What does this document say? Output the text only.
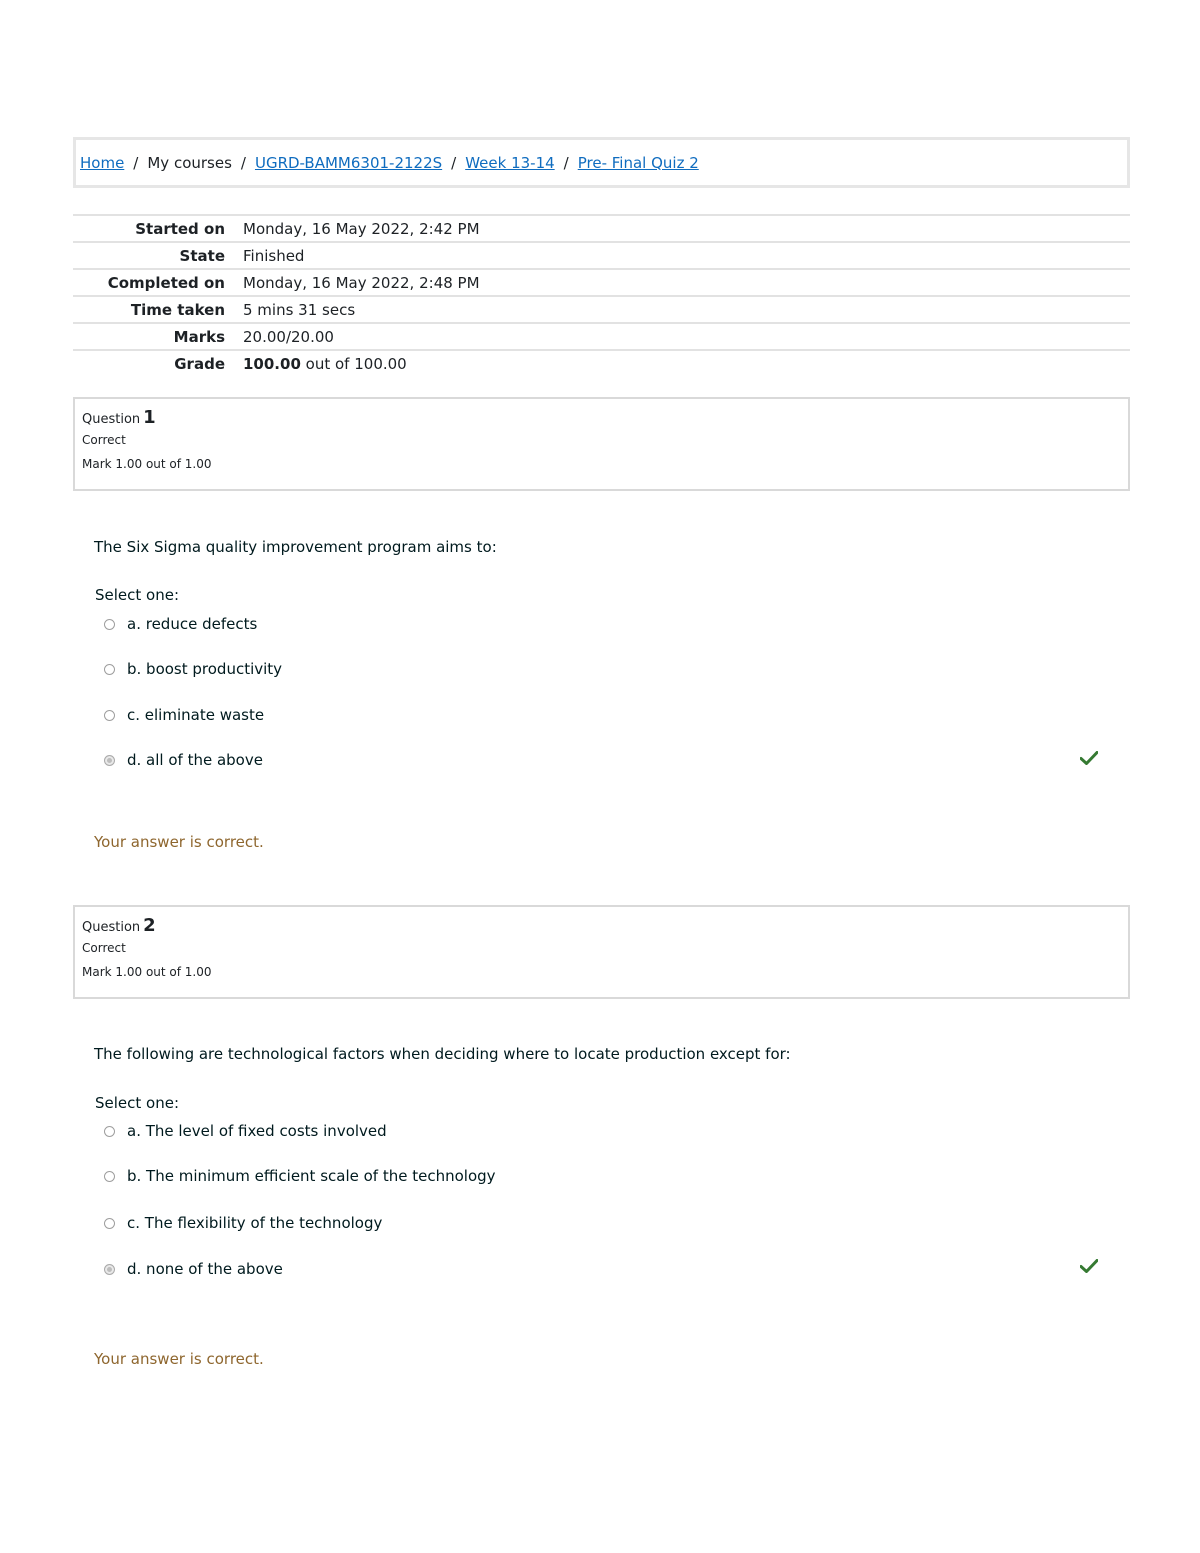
Home / My courses / UGRD-BAMM6301-2122S / Week 13-14 / Pre- Final Quiz 2
Started on	Monday, 16 May 2022, 2:42 PM
State	Finished
Completed on	Monday, 16 May 2022, 2:48 PM
Time taken	5 mins 31 secs
Marks	20.00/20.00
Grade	100.00 out of 100.00
Question 1
Correct
Mark 1.00 out of 1.00
The Six Sigma quality improvement program aims to:
Select one:
a. reduce defects
b. boost productivity
c. eliminate waste
d. all of the above
Your answer is correct.
Question 2
Correct
Mark 1.00 out of 1.00
The following are technological factors when deciding where to locate production except for:
Select one:
a. The level of fixed costs involved
b. The minimum efficient scale of the technology
c. The flexibility of the technology
d. none of the above
Your answer is correct.
